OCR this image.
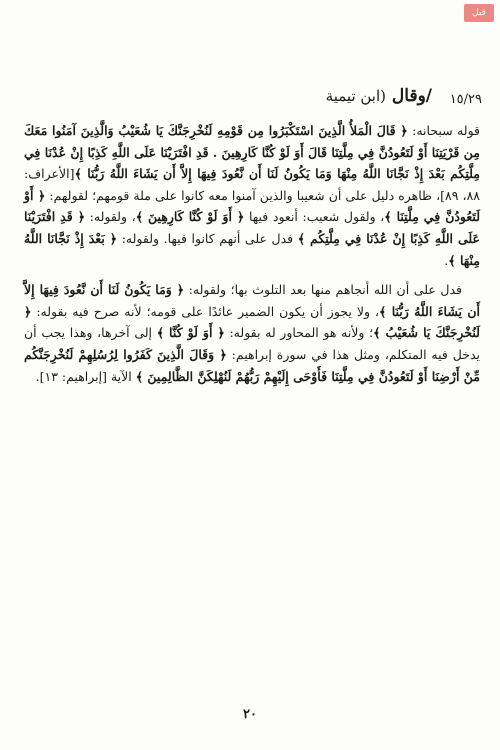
قبل
١٥/٢٩
/وقال (ابن تيمية

قوله سبحانه: ﴿ قَالَ الْمَلأُ الَّذِينَ اسْتَكْبَرُوا مِن قَوْمِهِ لَنُخْرِجَنَّكَ يَا شُعَيْبُ وَالَّذِينَ آمَنُوا مَعَكَ مِن قَرْيَتِنَا أَوْ لَتَعُودُنَّ فِي مِلَّتِنَا قَالَ أَوَ لَوْ كُنَّا كَارِهِينَ . قَدِ افْتَرَيْنَا عَلَى اللَّهِ كَذِبًا إِنْ عُدْنَا فِي مِلَّتِكُم بَعْدَ إِذْ نَجَّانَا اللَّهُ مِنْهَا وَمَا يَكُونُ لَنَا أَن نَّعُودَ فِيهَا إِلاَّ أَن يَشَاءَ اللَّهُ رَبُّنَا ﴾[الأعراف: ٨٨، ٨٩]، ظاهره دليل على أن شعيبا والذين آمنوا معه كانوا على ملة قومهم؛ لقولهم: ﴿ أَوْ لَتَعُودُنَّ فِي مِلَّتِنَا ﴾، ولقول شعيب: أنعود فيها ﴿ أَوَ لَوْ كُنَّا كَارِهِينَ ﴾، ولقوله: ﴿ قَدِ افْتَرَيْنَا عَلَى اللَّهِ كَذِبًا إِنْ عُدْنَا فِي مِلَّتِكُم ﴾ فدل على أنهم كانوا فيها. ولقوله: ﴿ بَعْدَ إِذْ نَجَّانَا اللَّهُ مِنْهَا ﴾.

فدل على أن الله أنجاهم منها بعد التلوث بها؛ ولقوله: ﴿ وَمَا يَكُونُ لَنَا أَن نَّعُودَ فِيهَا إِلاَّ أَن يَشَاءَ اللَّهُ رَبُّنَا ﴾، ولا يجوز أن يكون الضمير عائدًا على قومه؛ لأنه صرح فيه بقوله: ﴿ لَنُخْرِجَنَّكَ يَا شُعَيْبُ ﴾؛ ولأنه هو المحاور له بقوله: ﴿ أَوَ لَوْ كُنَّا ﴾ إلى آخرها، وهذا يجب أن يدخل فيه المتكلم، ومثل هذا في سورة إبراهيم: ﴿ وَقَالَ الَّذِينَ كَفَرُوا لِرُسُلِهِمْ لَنُخْرِجَنَّكُم مِّنْ أَرْضِنَا أَوْ لَتَعُودُنَّ فِي مِلَّتِنَا فَأَوْحَى إِلَيْهِمْ رَبُّهُمْ لَنُهْلِكَنَّ الظَّالِمِينَ ﴾ الآية [إبراهيم: ١٣].

٢٠
